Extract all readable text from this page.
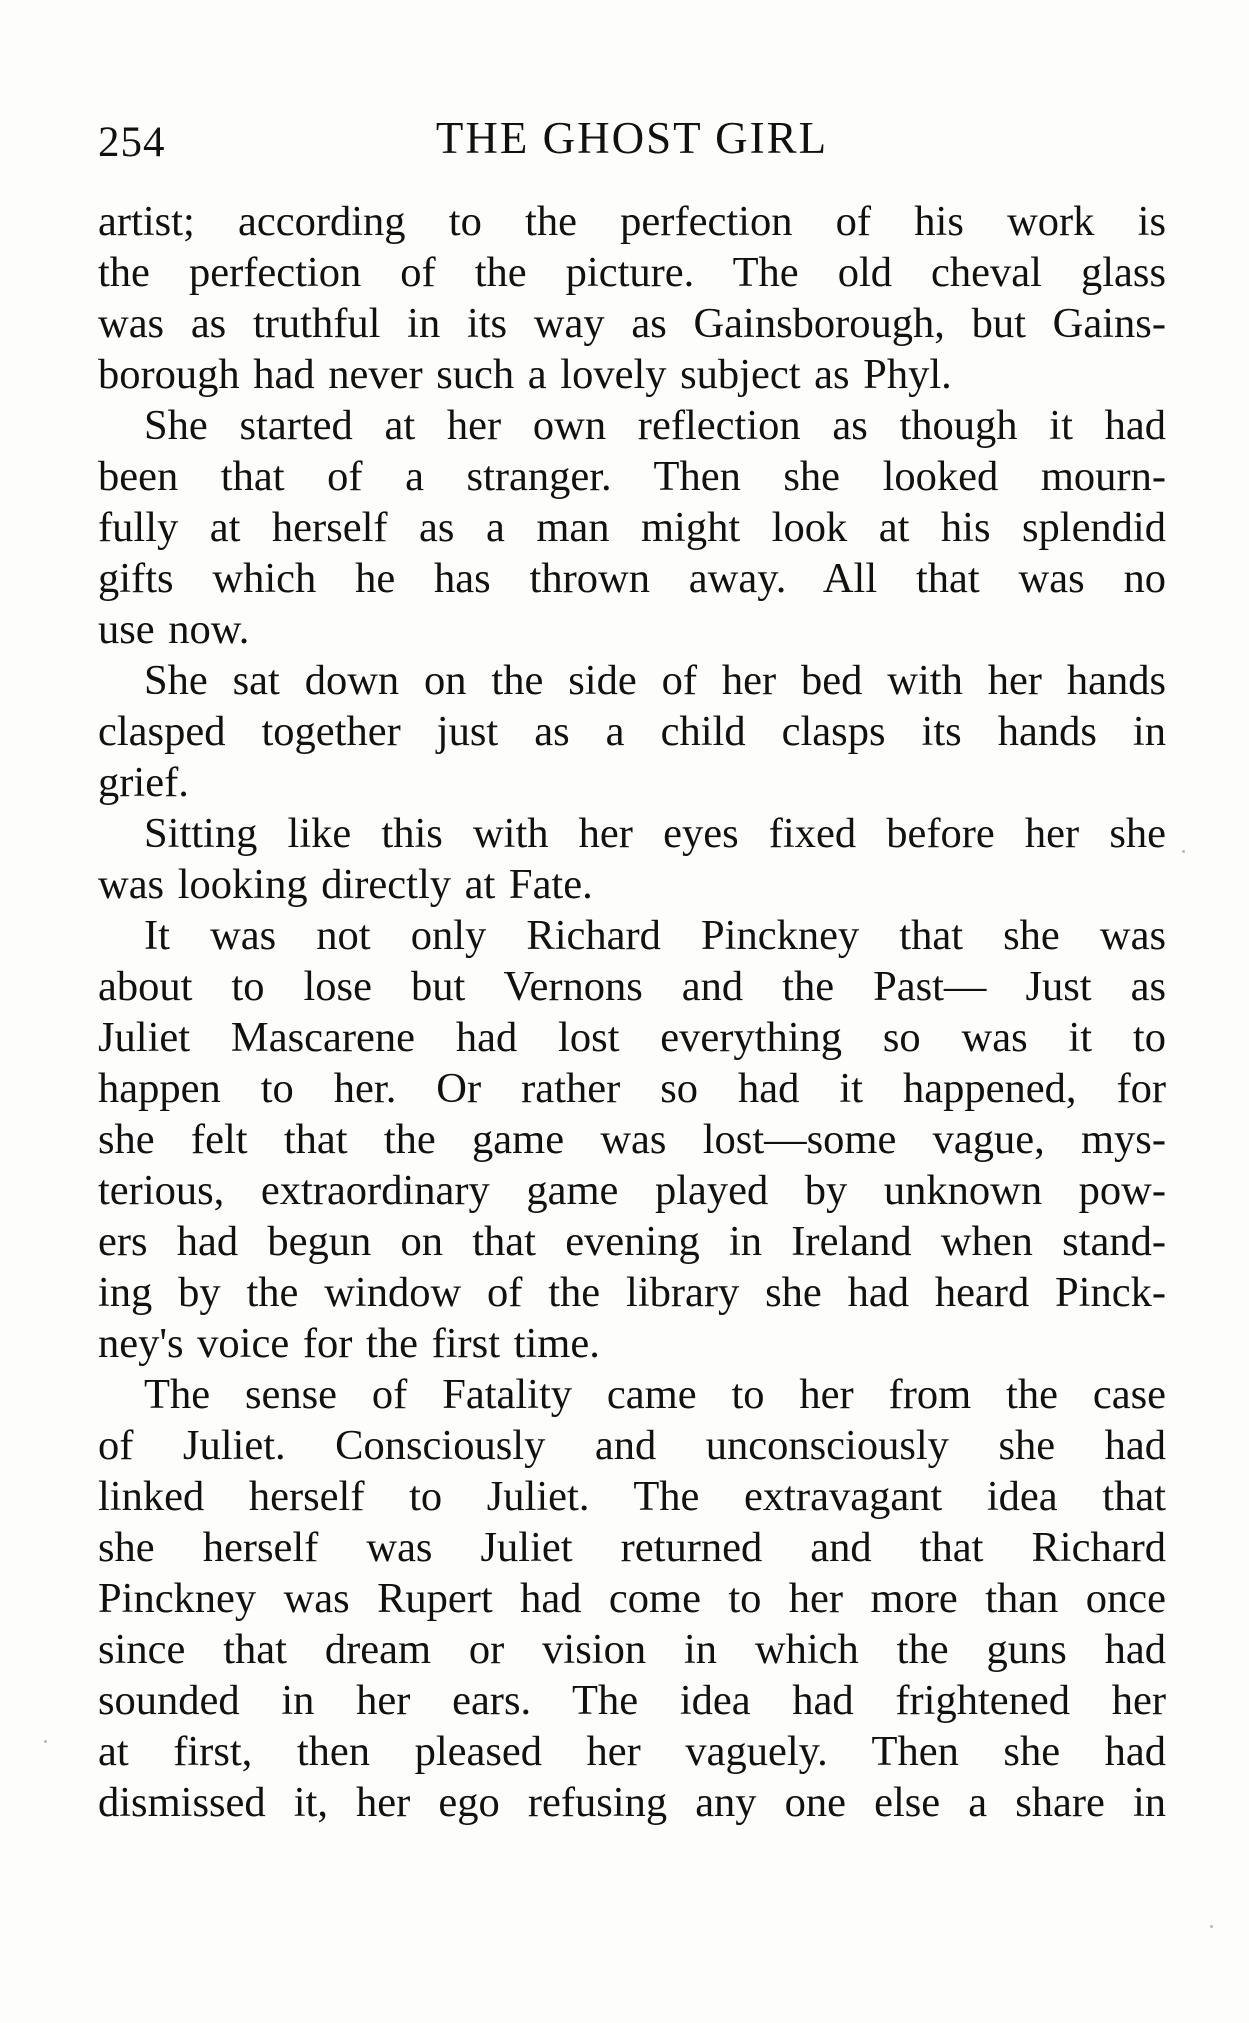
254	THE GHOST GIRL
artist; according to the perfection of his work is
the perfection of the picture. The old cheval glass
was as truthful in its way as Gainsborough, but Gains-
borough had never such a lovely subject as Phyl.
She started at her own reflection as though it had
been that of a stranger. Then she looked mourn-
fully at herself as a man might look at his splendid
gifts which he has thrown away. All that was no
use now.
She sat down on the side of her bed with her hands
clasped together just as a child clasps its hands in
grief.
Sitting like this with her eyes fixed before her she
was looking directly at Fate.
It was not only Richard Pinckney that she was
about to lose but Vernons and the Past— Just as
Juliet Mascarene had lost everything so was it to
happen to her. Or rather so had it happened, for
she felt that the game was lost—some vague, mys-
terious, extraordinary game played by unknown pow-
ers had begun on that evening in Ireland when stand-
ing by the window of the library she had heard Pinck-
ney's voice for the first time.
The sense of Fatality came to her from the case
of Juliet. Consciously and unconsciously she had
linked herself to Juliet. The extravagant idea that
she herself was Juliet returned and that Richard
Pinckney was Rupert had come to her more than once
since that dream or vision in which the guns had
sounded in her ears. The idea had frightened her
at first, then pleased her vaguely. Then she had
dismissed it, her ego refusing any one else a share in
